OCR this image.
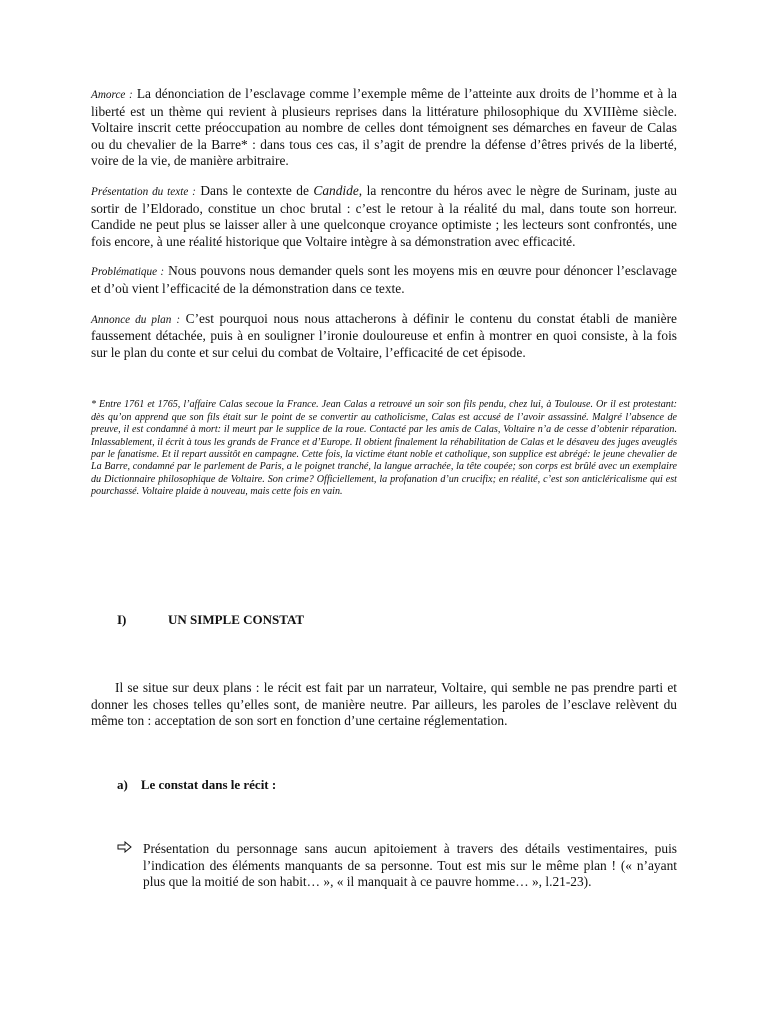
Amorce : La dénonciation de l’esclavage comme l’exemple même de l’atteinte aux droits de l’homme et à la liberté est un thème qui revient à plusieurs reprises dans la littérature philosophique du XVIIIème siècle. Voltaire inscrit cette préoccupation au nombre de celles dont témoignent ses démarches en faveur de Calas ou du chevalier de la Barre* : dans tous ces cas, il s’agit de prendre la défense d’êtres privés de la liberté, voire de la vie, de manière arbitraire.

Présentation du texte : Dans le contexte de Candide, la rencontre du héros avec le nègre de Surinam, juste au sortir de l’Eldorado, constitue un choc brutal : c’est le retour à la réalité du mal, dans toute son horreur. Candide ne peut plus se laisser aller à une quelconque croyance optimiste ; les lecteurs sont confrontés, une fois encore, à une réalité historique que Voltaire intègre à sa démonstration avec efficacité.

Problématique : Nous pouvons nous demander quels sont les moyens mis en œuvre pour dénoncer l’esclavage et d’où vient l’efficacité de la démonstration dans ce texte.

Annonce du plan : C’est pourquoi nous nous attacherons à définir le contenu du constat établi de manière faussement détachée, puis à en souligner l’ironie douloureuse et enfin à montrer en quoi consiste, à la fois sur le plan du conte et sur celui du combat de Voltaire, l’efficacité de cet épisode.

* Entre 1761 et 1765, l’affaire Calas secoue la France. Jean Calas a retrouvé un soir son fils pendu, chez lui, à Toulouse. Or il est protestant: dès qu’on apprend que son fils était sur le point de se convertir au catholicisme, Calas est accusé de l’avoir assassiné. Malgré l’absence de preuve, il est condamné à mort: il meurt par le supplice de la roue. Contacté par les amis de Calas, Voltaire n’a de cesse d’obtenir réparation. Inlassablement, il écrit à tous les grands de France et d’Europe. Il obtient finalement la réhabilitation de Calas et le désaveu des juges aveuglés par le fanatisme. Et il repart aussitôt en campagne. Cette fois, la victime étant noble et catholique, son supplice est abrégé: le jeune chevalier de La Barre, condamné par le parlement de Paris, a le poignet tranché, la langue arrachée, la tête coupée; son corps est brûlé avec un exemplaire du Dictionnaire philosophique de Voltaire. Son crime? Officiellement, la profanation d’un crucifix; en réalité, c’est son anticléricalisme qui est pourchassé. Voltaire plaide à nouveau, mais cette fois en vain.

I)	UN SIMPLE CONSTAT

Il se situe sur deux plans : le récit est fait par un narrateur, Voltaire, qui semble ne pas prendre parti et donner les choses telles qu’elles sont, de manière neutre. Par ailleurs, les paroles de l’esclave relèvent du même ton : acceptation de son sort en fonction d’une certaine réglementation.

a)    Le constat dans le récit :
Présentation du personnage sans aucun apitoiement à travers des détails vestimentaires, puis l’indication des éléments manquants de sa personne. Tout est mis sur le même plan ! (« n’ayant plus que la moitié de son habit… », « il manquait à ce pauvre homme… », l.21-23).
